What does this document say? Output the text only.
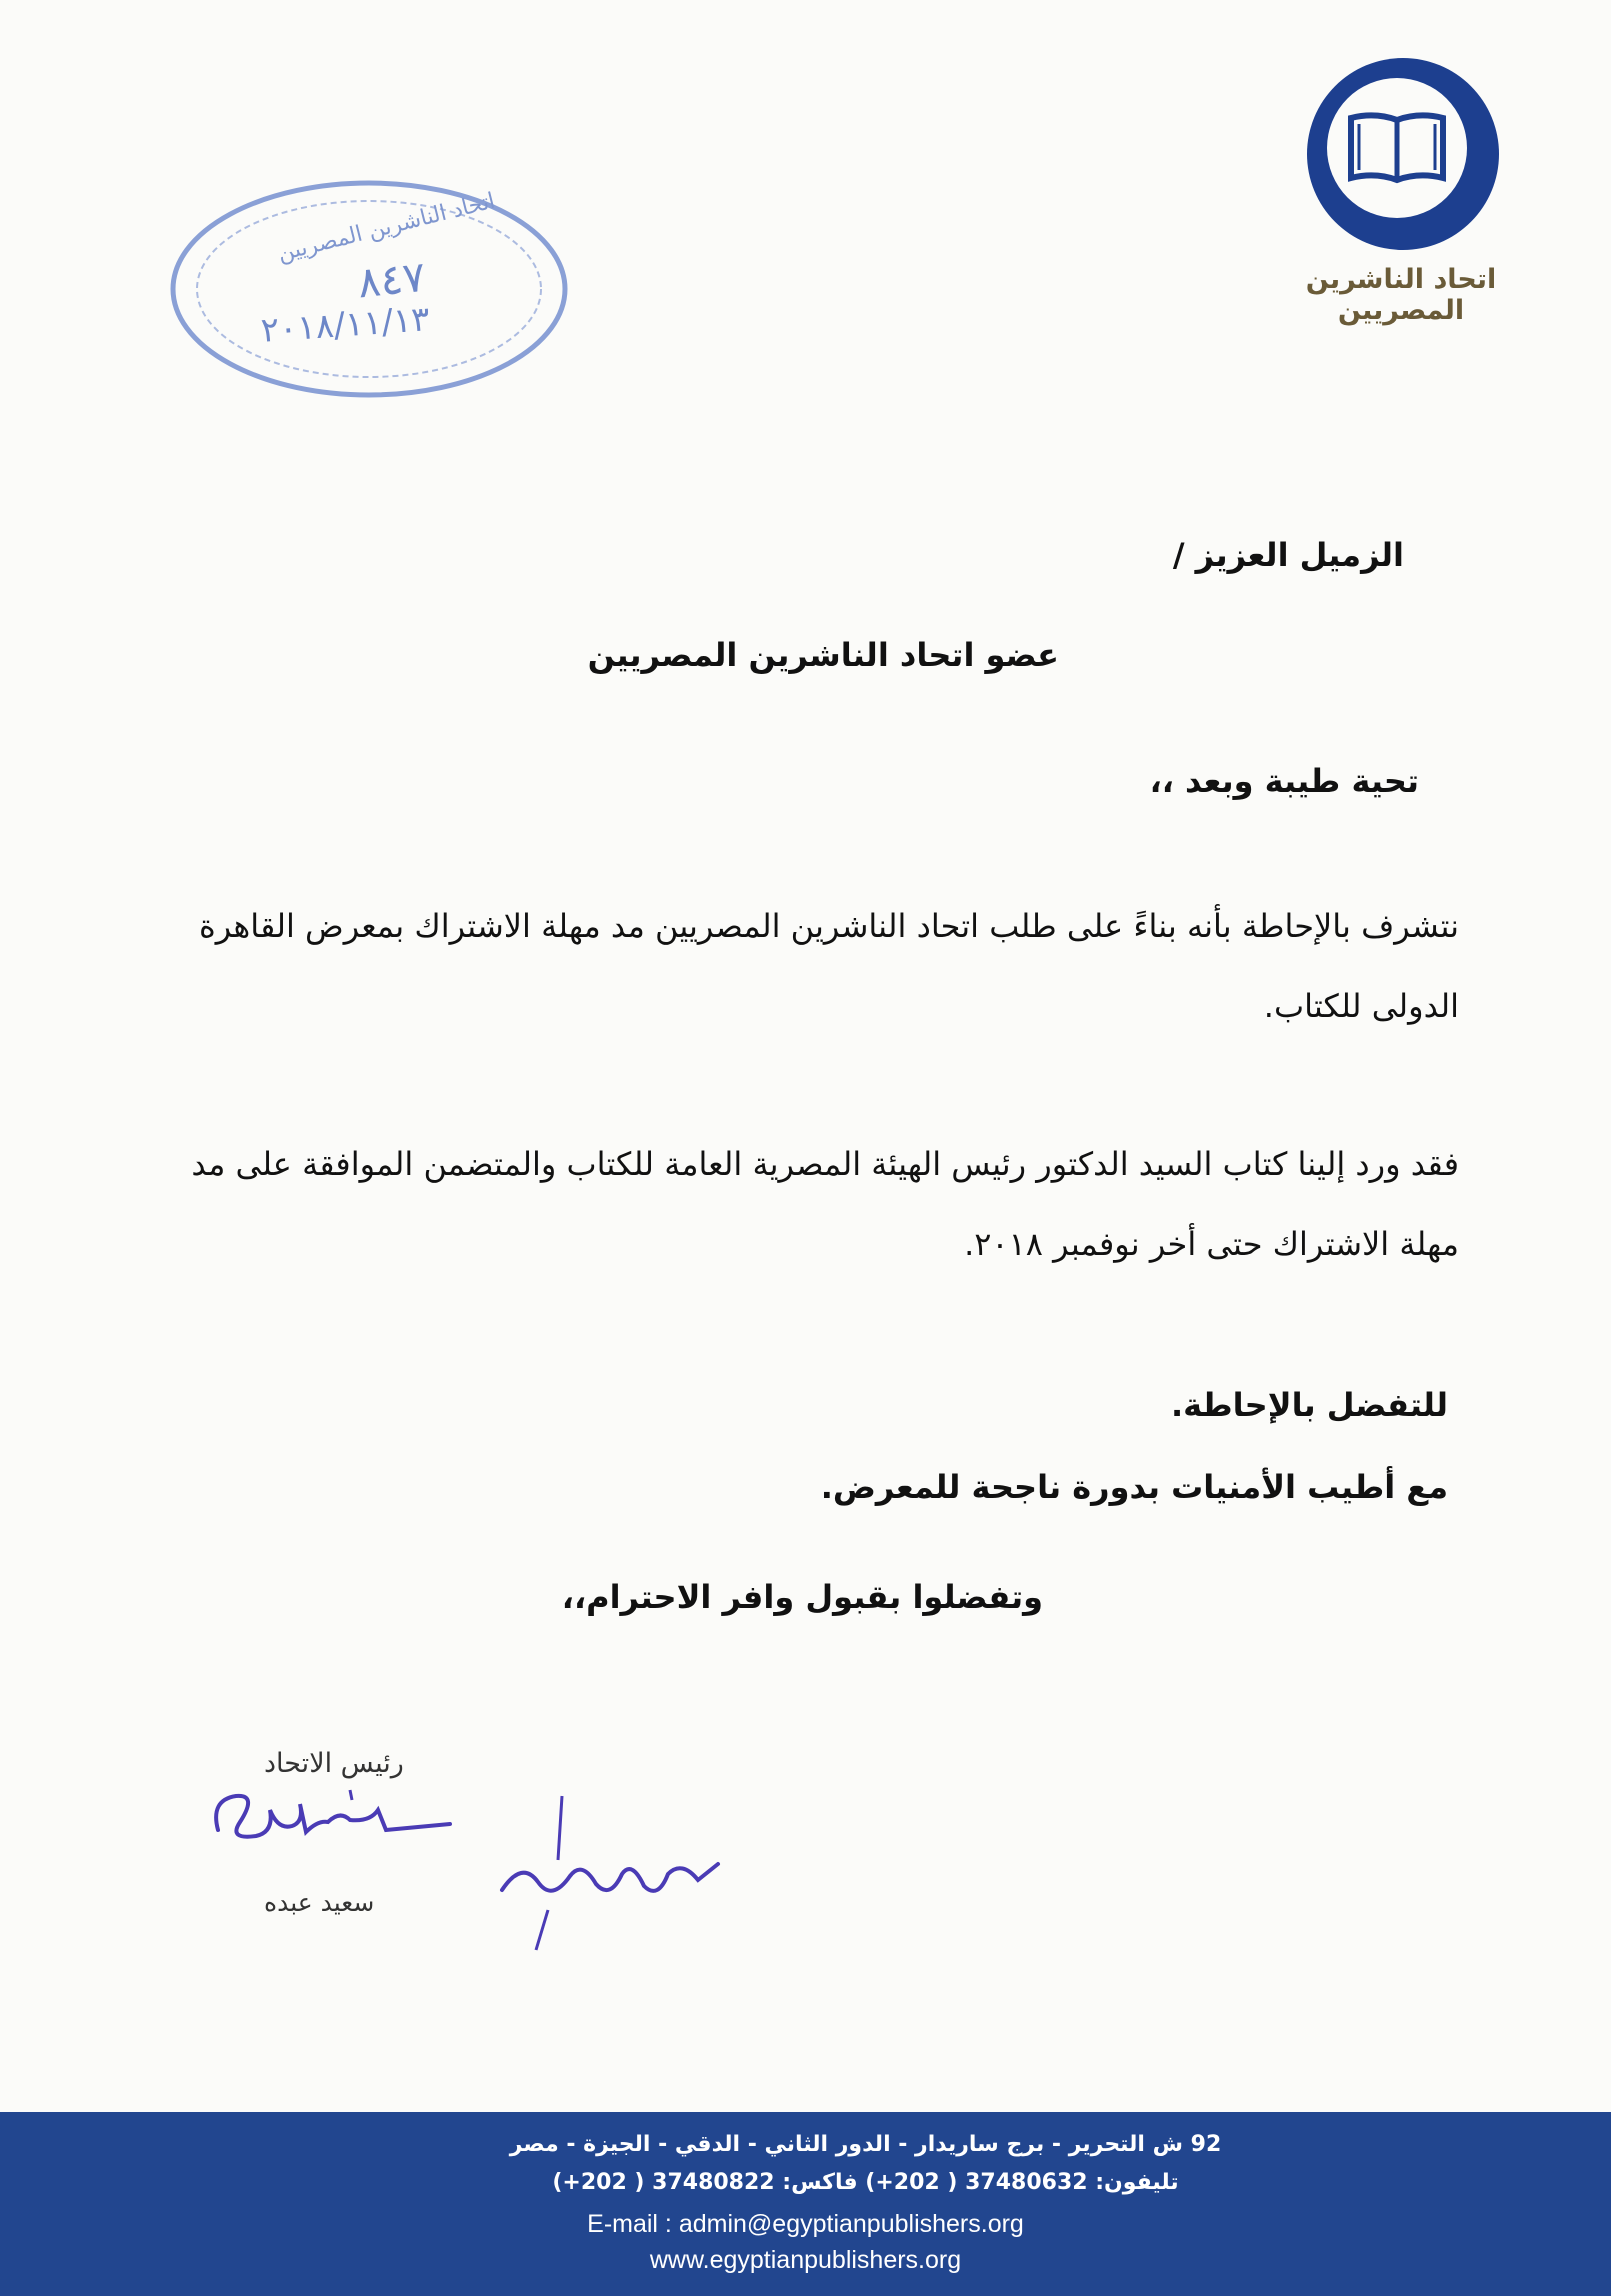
اتحاد الناشرين المصريين
٨٤٧
٢٠١٨/١١/١٣
اتحاد الناشرين المصريين
الزميل العزيز /
عضو اتحاد الناشرين المصريين
تحية طيبة وبعد ،،
نتشرف بالإحاطة بأنه بناءً على طلب اتحاد الناشرين المصريين مد مهلة الاشتراك بمعرض القاهرة الدولى للكتاب.
فقد ورد إلينا كتاب السيد الدكتور رئيس الهيئة المصرية العامة للكتاب والمتضمن الموافقة على مد مهلة الاشتراك حتى أخر نوفمبر ٢٠١٨.
للتفضل بالإحاطة.
مع أطيب الأمنيات بدورة ناجحة للمعرض.
وتفضلوا بقبول وافر الاحترام،،
رئيس الاتحاد
سعيد عبده
92 ش التحرير - برج ساريدار - الدور الثاني - الدقي - الجيزة - مصر
تليفون: 37480632 ( 202+) فاكس: 37480822 ( 202+)
E-mail : admin@egyptianpublishers.org
www.egyptianpublishers.org
